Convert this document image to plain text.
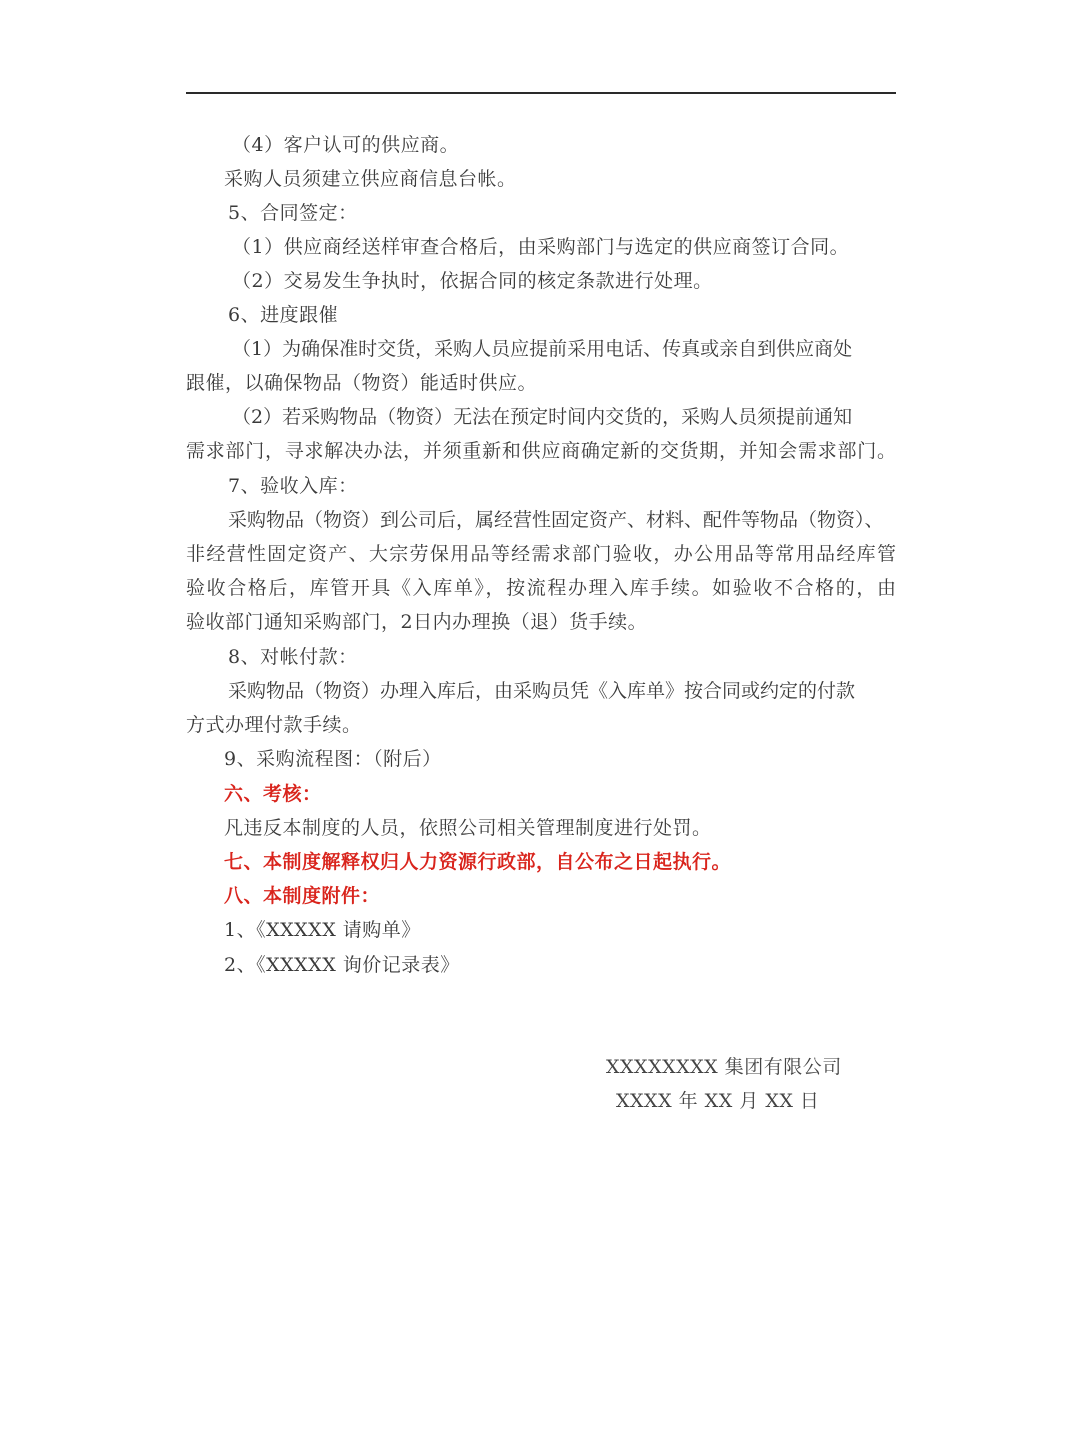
（4）客户认可的供应商。
采购人员须建立供应商信息台帐。
5、合同签定：
（1）供应商经送样审查合格后，由采购部门与选定的供应商签订合同。
（2）交易发生争执时，依据合同的核定条款进行处理。
6、进度跟催
（1）为确保准时交货，采购人员应提前采用电话、传真或亲自到供应商处
跟催，以确保物品（物资）能适时供应。
（2）若采购物品（物资）无法在预定时间内交货的，采购人员须提前通知
需求部门，寻求解决办法，并须重新和供应商确定新的交货期，并知会需求部门。
7、验收入库：
采购物品（物资）到公司后，属经营性固定资产、材料、配件等物品（物资）、
非经营性固定资产、大宗劳保用品等经需求部门验收，办公用品等常用品经库管
验收合格后，库管开具《入库单》，按流程办理入库手续。如验收不合格的，由
验收部门通知采购部门，2日内办理换（退）货手续。
8、对帐付款：
采购物品（物资）办理入库后，由采购员凭《入库单》按合同或约定的付款
方式办理付款手续。
9、采购流程图：（附后）
六、考核：
凡违反本制度的人员，依照公司相关管理制度进行处罚。
七、本制度解释权归人力资源行政部，自公布之日起执行。
八、本制度附件：
1、《XXXXX 请购单》
2、《XXXXX 询价记录表》
XXXXXXXX 集团有限公司
XXXX 年 XX 月 XX 日
